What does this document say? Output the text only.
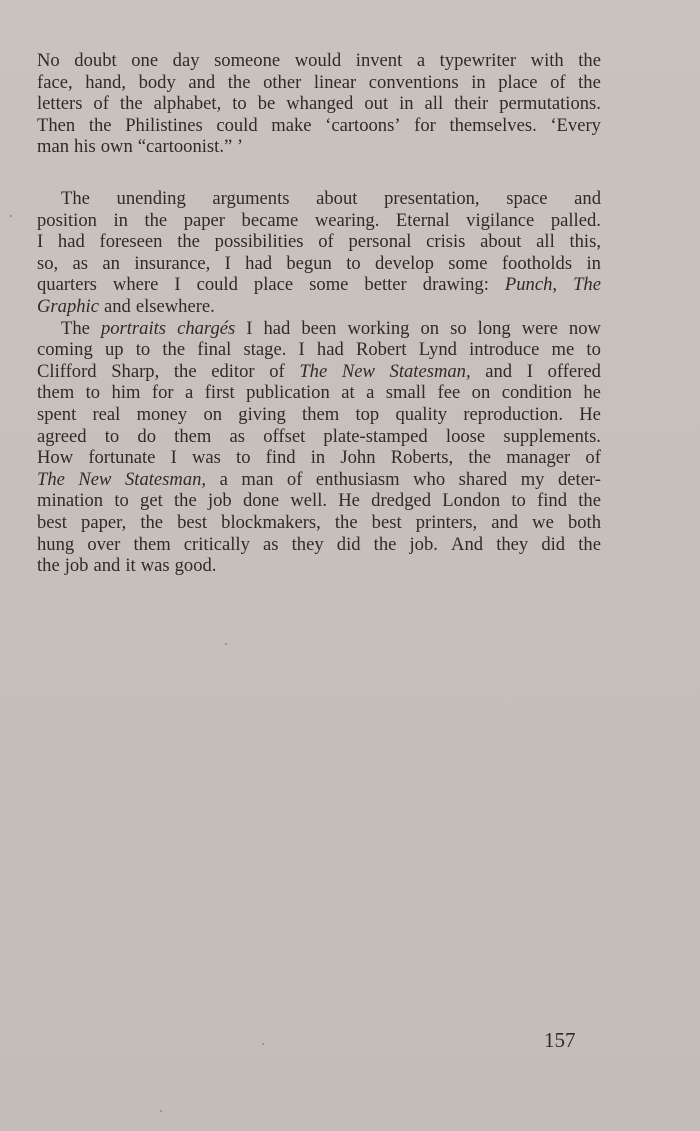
No doubt one day someone would invent a typewriter with the
face, hand, body and the other linear conventions in place of the
letters of the alphabet, to be whanged out in all their permutations.
Then the Philistines could make ‘cartoons’ for themselves. ‘Every
man his own “cartoonist.” ’
The unending arguments about presentation, space and
position in the paper became wearing. Eternal vigilance palled.
I had foreseen the possibilities of personal crisis about all this,
so, as an insurance, I had begun to develop some footholds in
quarters where I could place some better drawing: Punch, The
Graphic and elsewhere.
The portraits chargés I had been working on so long were now
coming up to the final stage. I had Robert Lynd introduce me to
Clifford Sharp, the editor of The New Statesman, and I offered
them to him for a first publication at a small fee on condition he
spent real money on giving them top quality reproduction. He
agreed to do them as offset plate-stamped loose supplements.
How fortunate I was to find in John Roberts, the manager of
The New Statesman, a man of enthusiasm who shared my deter-
mination to get the job done well. He dredged London to find the
best paper, the best blockmakers, the best printers, and we both
hung over them critically as they did the job. And they did the
the job and it was good.
157
